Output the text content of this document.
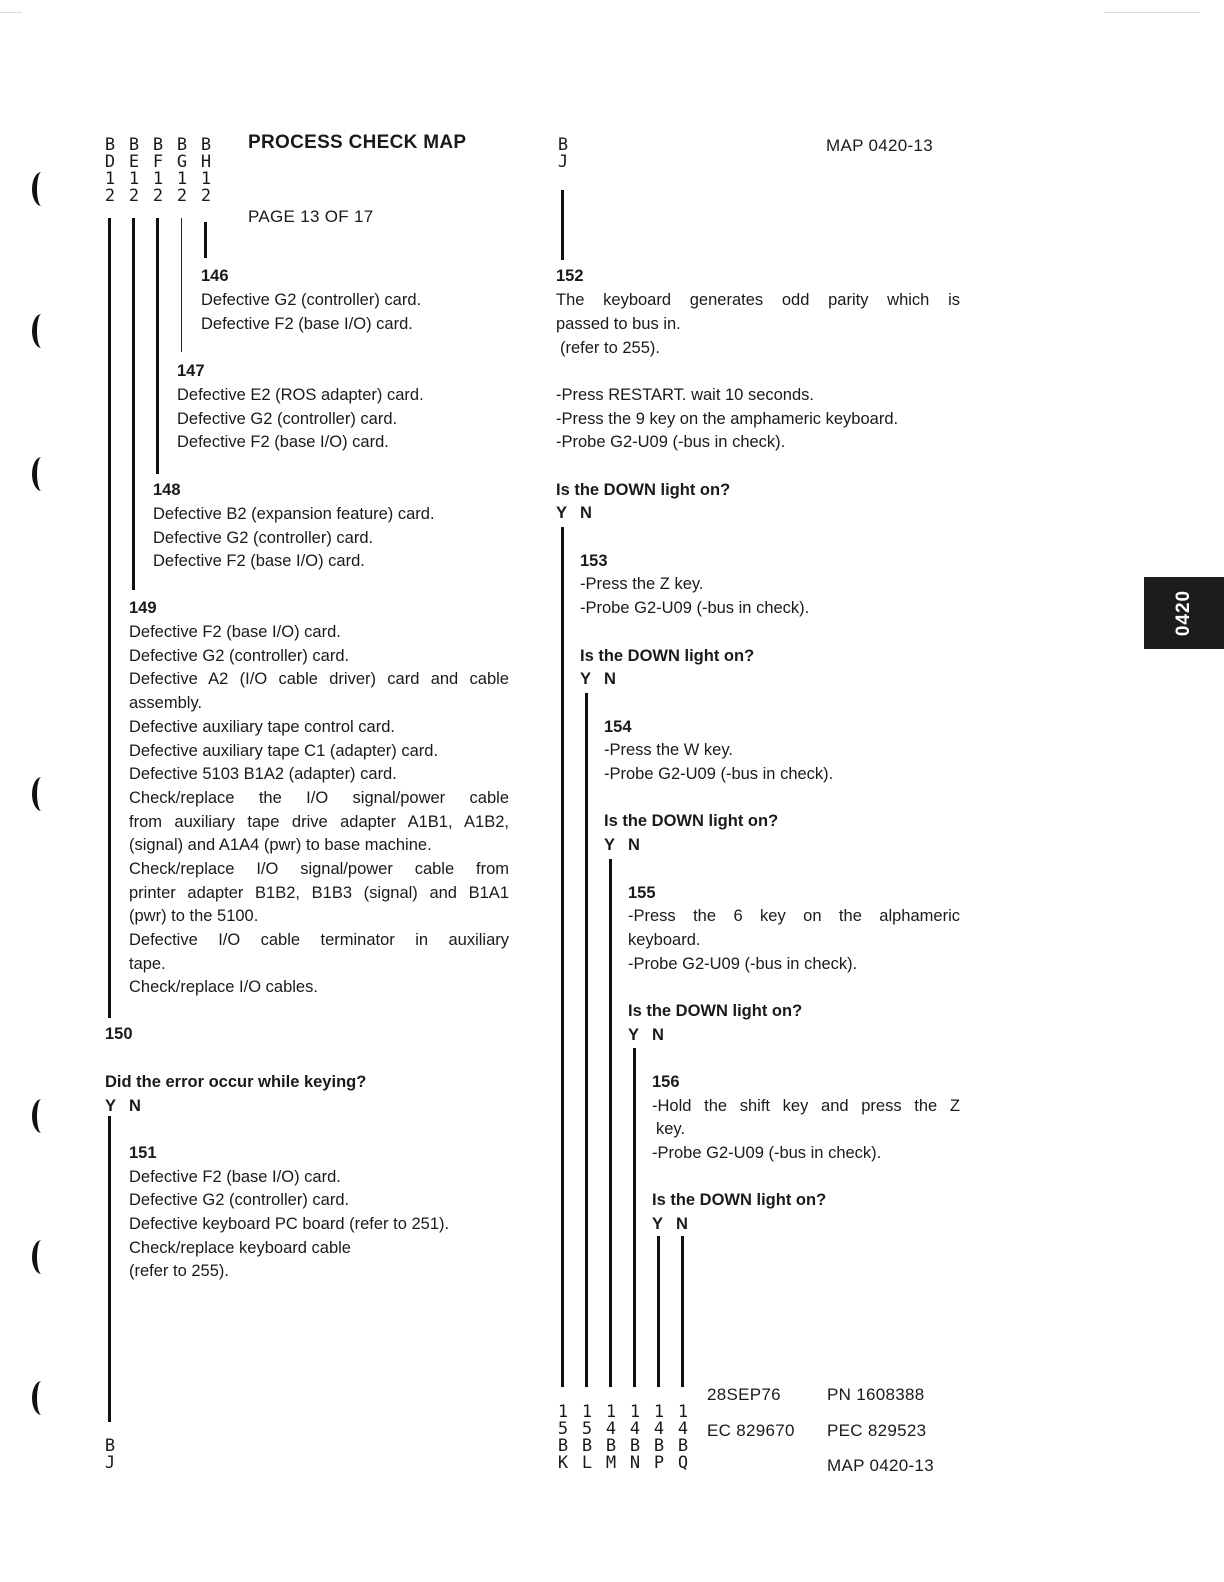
B
D
1
2
B
E
1
2
B
F
1
2
B
G
1
2
B
H
1
2
PROCESS CHECK MAP
PAGE 13 OF 17
B
J
MAP 0420-13
0420
146
Defective G2 (controller) card.
Defective F2 (base I/O) card.
147
Defective E2 (ROS adapter) card.
Defective G2 (controller) card.
Defective F2 (base I/O) card.
148
Defective B2 (expansion feature) card.
Defective G2 (controller) card.
Defective F2 (base I/O) card.
149
Defective F2 (base I/O) card.
Defective G2 (controller) card.
Defective A2 (I/O cable driver) card and cable
assembly.
Defective auxiliary tape control card.
Defective auxiliary tape C1 (adapter) card.
Defective 5103 B1A2 (adapter) card.
Check/replace the I/O signal/power cable
from auxiliary tape drive adapter A1B1, A1B2,
(signal) and A1A4 (pwr) to base machine.
Check/replace I/O signal/power cable from
printer adapter B1B2, B1B3 (signal) and B1A1
(pwr) to the 5100.
Defective I/O cable terminator in auxiliary
tape.
Check/replace I/O cables.
150
Did the error occur while keying?
Y N
151
Defective F2 (base I/O) card.
Defective G2 (controller) card.
Defective keyboard PC board (refer to 251).
Check/replace keyboard cable
(refer to 255).
B
J
152
The keyboard generates odd parity which is
passed to bus in.
(refer to 255).
-Press RESTART. wait 10 seconds.
-Press the 9 key on the amphameric keyboard.
-Probe G2-U09 (-bus in check).
Is the DOWN light on?
Y N
153
-Press the Z key.
-Probe G2-U09 (-bus in check).
Is the DOWN light on?
Y N
154
-Press the W key.
-Probe G2-U09 (-bus in check).
Is the DOWN light on?
Y N
155
-Press the 6 key on the alphameric
keyboard.
-Probe G2-U09 (-bus in check).
Is the DOWN light on?
Y N
156
-Hold the shift key and press the Z
key.
-Probe G2-U09 (-bus in check).
Is the DOWN light on?
Y N
1
5
B
K
1
5
B
L
1
4
B
M
1
4
B
N
1
4
B
P
1
4
B
Q
28SEP76	PN 1608388
EC 829670 PEC 829523
MAP 0420-13
